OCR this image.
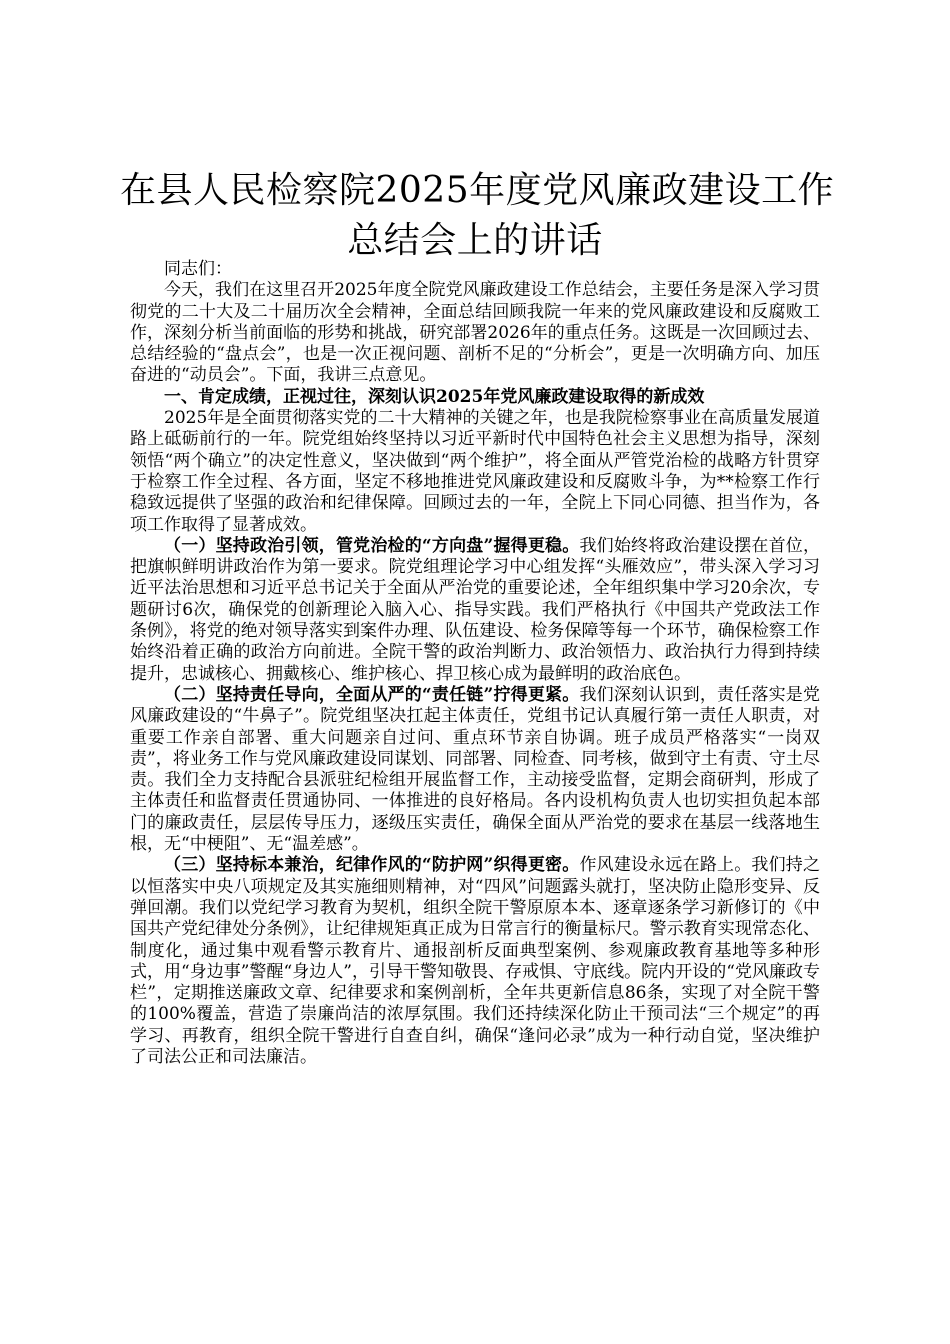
在县人民检察院2025年度党风廉政建设工作
总结会上的讲话

同志们：

今天，我们在这里召开2025年度全院党风廉政建设工作总结会，主要任务是深入学习贯彻党的二十大及二十届历次全会精神，全面总结回顾我院一年来的党风廉政建设和反腐败工作，深刻分析当前面临的形势和挑战，研究部署2026年的重点任务。这既是一次回顾过去、总结经验的“盘点会”，也是一次正视问题、剖析不足的“分析会”，更是一次明确方向、加压奋进的“动员会”。下面，我讲三点意见。

一、肯定成绩，正视过往，深刻认识2025年党风廉政建设取得的新成效

2025年是全面贯彻落实党的二十大精神的关键之年，也是我院检察事业在高质量发展道路上砥砺前行的一年。院党组始终坚持以习近平新时代中国特色社会主义思想为指导，深刻领悟“两个确立”的决定性意义，坚决做到“两个维护”，将全面从严管党治检的战略方针贯穿于检察工作全过程、各方面，坚定不移地推进党风廉政建设和反腐败斗争，为**检察工作行稳致远提供了坚强的政治和纪律保障。回顾过去的一年，全院上下同心同德、担当作为，各项工作取得了显著成效。

（一）坚持政治引领，管党治检的“方向盘”握得更稳。我们始终将政治建设摆在首位，把旗帜鲜明讲政治作为第一要求。院党组理论学习中心组发挥“头雁效应”，带头深入学习习近平法治思想和习近平总书记关于全面从严治党的重要论述，全年组织集中学习20余次，专题研讨6次，确保党的创新理论入脑入心、指导实践。我们严格执行《中国共产党政法工作条例》，将党的绝对领导落实到案件办理、队伍建设、检务保障等每一个环节，确保检察工作始终沿着正确的政治方向前进。全院干警的政治判断力、政治领悟力、政治执行力得到持续提升，忠诚核心、拥戴核心、维护核心、捍卫核心成为最鲜明的政治底色。

（二）坚持责任导向，全面从严的“责任链”拧得更紧。我们深刻认识到，责任落实是党风廉政建设的“牛鼻子”。院党组坚决扛起主体责任，党组书记认真履行第一责任人职责，对重要工作亲自部署、重大问题亲自过问、重点环节亲自协调。班子成员严格落实“一岗双责”，将业务工作与党风廉政建设同谋划、同部署、同检查、同考核，做到守土有责、守土尽责。我们全力支持配合县派驻纪检组开展监督工作，主动接受监督，定期会商研判，形成了主体责任和监督责任贯通协同、一体推进的良好格局。各内设机构负责人也切实担负起本部门的廉政责任，层层传导压力，逐级压实责任，确保全面从严治党的要求在基层一线落地生根，无“中梗阻”、无“温差感”。

（三）坚持标本兼治，纪律作风的“防护网”织得更密。作风建设永远在路上。我们持之以恒落实中央八项规定及其实施细则精神，对“四风”问题露头就打，坚决防止隐形变异、反弹回潮。我们以党纪学习教育为契机，组织全院干警原原本本、逐章逐条学习新修订的《中国共产党纪律处分条例》，让纪律规矩真正成为日常言行的衡量标尺。警示教育实现常态化、制度化，通过集中观看警示教育片、通报剖析反面典型案例、参观廉政教育基地等多种形式，用“身边事”警醒“身边人”，引导干警知敬畏、存戒惧、守底线。院内开设的“党风廉政专栏”，定期推送廉政文章、纪律要求和案例剖析，全年共更新信息86条，实现了对全院干警的100%覆盖，营造了崇廉尚洁的浓厚氛围。我们还持续深化防止干预司法“三个规定”的再学习、再教育，组织全院干警进行自查自纠，确保“逢问必录”成为一种行动自觉，坚决维护了司法公正和司法廉洁。
